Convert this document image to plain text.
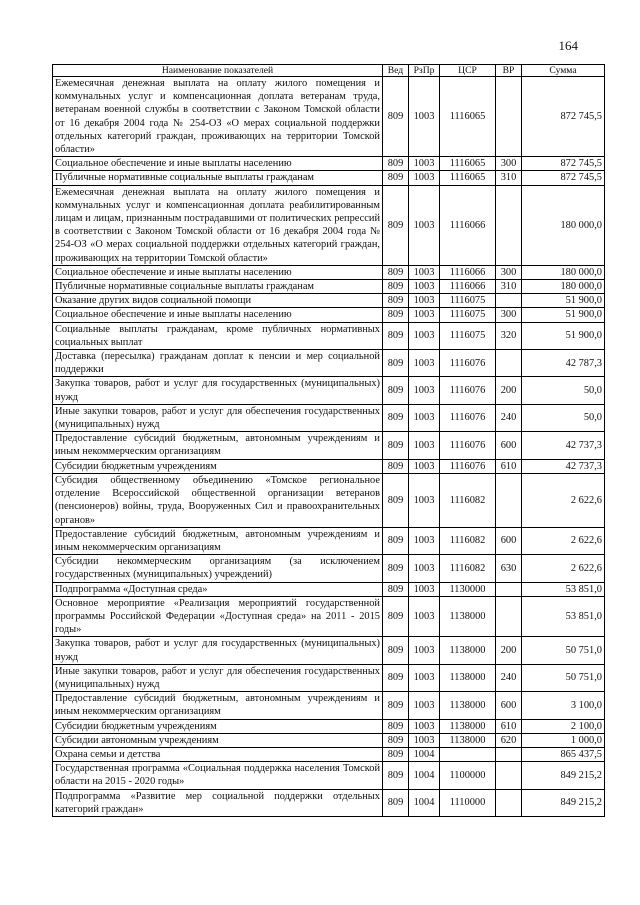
164
Наименование показателей	Вед	РзПр	ЦСР	ВР	Сумма
Ежемесячная денежная выплата на оплату жилого помещения и коммунальных услуг и компенсационная доплата ветеранам труда, ветеранам военной службы в соответствии с Законом Томской области от 16 декабря 2004 года № 254-ОЗ «О мерах социальной поддержки отдельных категорий граждан, проживающих на территории Томской области»	809	1003	1116065		872 745,5
Социальное обеспечение и иные выплаты населению	809	1003	1116065	300	872 745,5
Публичные нормативные социальные выплаты гражданам	809	1003	1116065	310	872 745,5
Ежемесячная денежная выплата на оплату жилого помещения и коммунальных услуг и компенсационная доплата реабилитированным лицам и лицам, признанным пострадавшими от политических репрессий в соответствии с Законом Томской области от 16 декабря 2004 года № 254-ОЗ «О мерах социальной поддержки отдельных категорий граждан, проживающих на территории Томской области»	809	1003	1116066		180 000,0
Социальное обеспечение и иные выплаты населению	809	1003	1116066	300	180 000,0
Публичные нормативные социальные выплаты гражданам	809	1003	1116066	310	180 000,0
Оказание других видов социальной помощи	809	1003	1116075		51 900,0
Социальное обеспечение и иные выплаты населению	809	1003	1116075	300	51 900,0
Социальные выплаты гражданам, кроме публичных нормативных социальных выплат	809	1003	1116075	320	51 900,0
Доставка (пересылка) гражданам доплат к пенсии и мер социальной поддержки	809	1003	1116076		42 787,3
Закупка товаров, работ и услуг для государственных (муниципальных) нужд	809	1003	1116076	200	50,0
Иные закупки товаров, работ и услуг для обеспечения государственных (муниципальных) нужд	809	1003	1116076	240	50,0
Предоставление субсидий бюджетным, автономным учреждениям и иным некоммерческим организациям	809	1003	1116076	600	42 737,3
Субсидии бюджетным учреждениям	809	1003	1116076	610	42 737,3
Субсидия общественному объединению «Томское региональное отделение Всероссийской общественной организации ветеранов (пенсионеров) войны, труда, Вооруженных Сил и правоохранительных органов»	809	1003	1116082		2 622,6
Предоставление субсидий бюджетным, автономным учреждениям и иным некоммерческим организациям	809	1003	1116082	600	2 622,6
Субсидии некоммерческим организациям (за исключением государственных (муниципальных) учреждений)	809	1003	1116082	630	2 622,6
Подпрограмма «Доступная среда»	809	1003	1130000		53 851,0
Основное мероприятие «Реализация мероприятий государственной программы Российской Федерации «Доступная среда» на 2011 - 2015 годы»	809	1003	1138000		53 851,0
Закупка товаров, работ и услуг для государственных (муниципальных) нужд	809	1003	1138000	200	50 751,0
Иные закупки товаров, работ и услуг для обеспечения государственных (муниципальных) нужд	809	1003	1138000	240	50 751,0
Предоставление субсидий бюджетным, автономным учреждениям и иным некоммерческим организациям	809	1003	1138000	600	3 100,0
Субсидии бюджетным учреждениям	809	1003	1138000	610	2 100,0
Субсидии автономным учреждениям	809	1003	1138000	620	1 000,0
Охрана семьи и детства	809	1004			865 437,5
Государственная программа «Социальная поддержка населения Томской области на 2015 - 2020 годы»	809	1004	1100000		849 215,2
Подпрограмма «Развитие мер социальной поддержки отдельных категорий граждан»	809	1004	1110000		849 215,2
